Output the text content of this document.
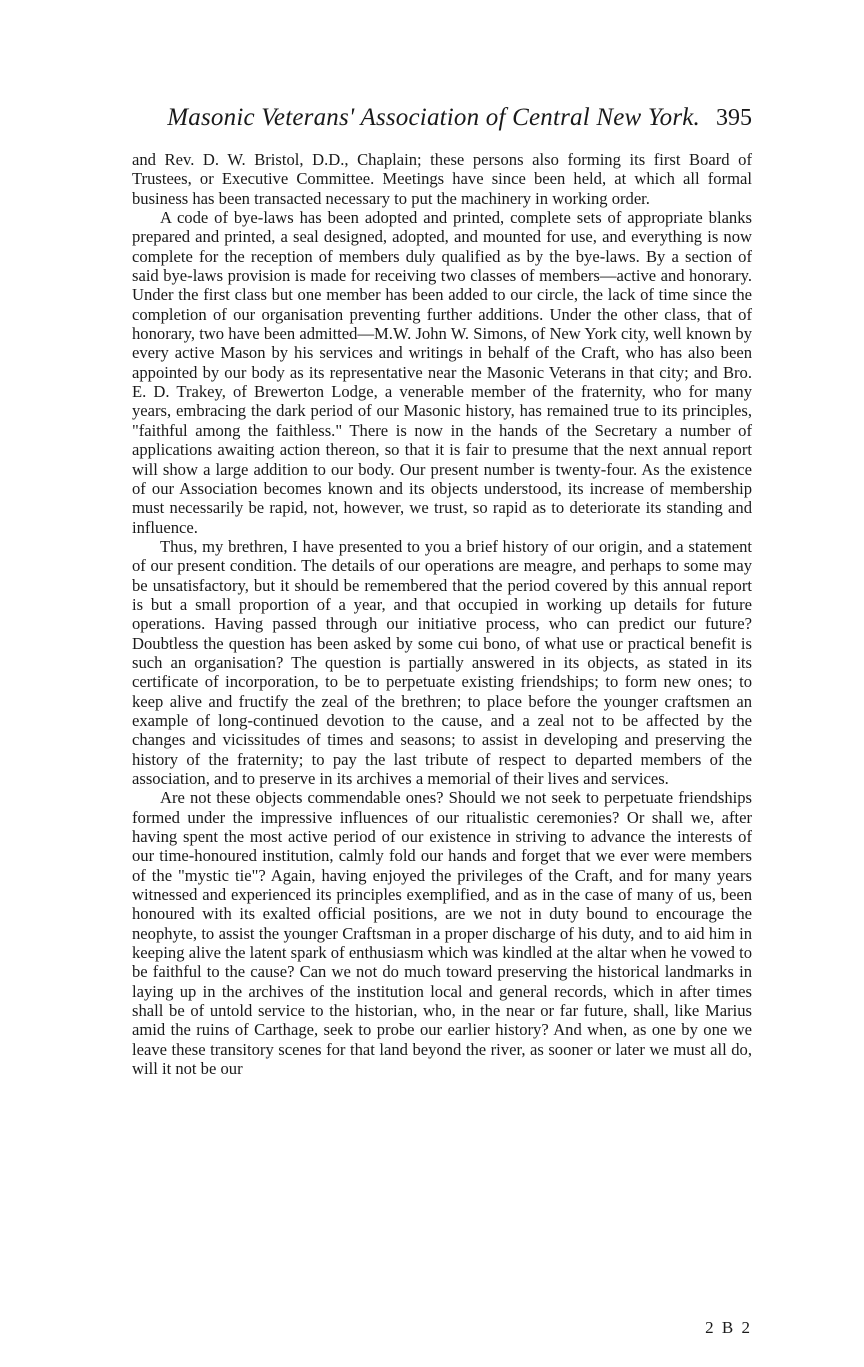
Masonic Veterans' Association of Central New York. 395

and Rev. D. W. Bristol, D.D., Chaplain; these persons also forming its first Board of Trustees, or Executive Committee. Meetings have since been held, at which all formal business has been transacted necessary to put the machinery in working order.

A code of bye-laws has been adopted and printed, complete sets of appropriate blanks prepared and printed, a seal designed, adopted, and mounted for use, and everything is now complete for the reception of members duly qualified as by the bye-laws. By a section of said bye-laws provision is made for receiving two classes of members—active and honorary. Under the first class but one member has been added to our circle, the lack of time since the completion of our organisation preventing further additions. Under the other class, that of honorary, two have been admitted—M.W. John W. Simons, of New York city, well known by every active Mason by his services and writings in behalf of the Craft, who has also been appointed by our body as its representative near the Masonic Veterans in that city; and Bro. E. D. Trakey, of Brewerton Lodge, a venerable member of the fraternity, who for many years, embracing the dark period of our Masonic history, has remained true to its principles, "faithful among the faithless." There is now in the hands of the Secretary a number of applications awaiting action thereon, so that it is fair to presume that the next annual report will show a large addition to our body. Our present number is twenty-four. As the existence of our Association becomes known and its objects understood, its increase of membership must necessarily be rapid, not, however, we trust, so rapid as to deteriorate its standing and influence.

Thus, my brethren, I have presented to you a brief history of our origin, and a statement of our present condition. The details of our operations are meagre, and perhaps to some may be unsatisfactory, but it should be remembered that the period covered by this annual report is but a small proportion of a year, and that occupied in working up details for future operations. Having passed through our initiative process, who can predict our future? Doubtless the question has been asked by some cui bono, of what use or practical benefit is such an organisation? The question is partially answered in its objects, as stated in its certificate of incorporation, to be to perpetuate existing friendships; to form new ones; to keep alive and fructify the zeal of the brethren; to place before the younger craftsmen an example of long-continued devotion to the cause, and a zeal not to be affected by the changes and vicissitudes of times and seasons; to assist in developing and preserving the history of the fraternity; to pay the last tribute of respect to departed members of the association, and to preserve in its archives a memorial of their lives and services.

Are not these objects commendable ones? Should we not seek to perpetuate friendships formed under the impressive influences of our ritualistic ceremonies? Or shall we, after having spent the most active period of our existence in striving to advance the interests of our time-honoured institution, calmly fold our hands and forget that we ever were members of the "mystic tie"? Again, having enjoyed the privileges of the Craft, and for many years witnessed and experienced its principles exemplified, and as in the case of many of us, been honoured with its exalted official positions, are we not in duty bound to encourage the neophyte, to assist the younger Craftsman in a proper discharge of his duty, and to aid him in keeping alive the latent spark of enthusiasm which was kindled at the altar when he vowed to be faithful to the cause? Can we not do much toward preserving the historical landmarks in laying up in the archives of the institution local and general records, which in after times shall be of untold service to the historian, who, in the near or far future, shall, like Marius amid the ruins of Carthage, seek to probe our earlier history? And when, as one by one we leave these transitory scenes for that land beyond the river, as sooner or later we must all do, will it not be our

2 B 2
